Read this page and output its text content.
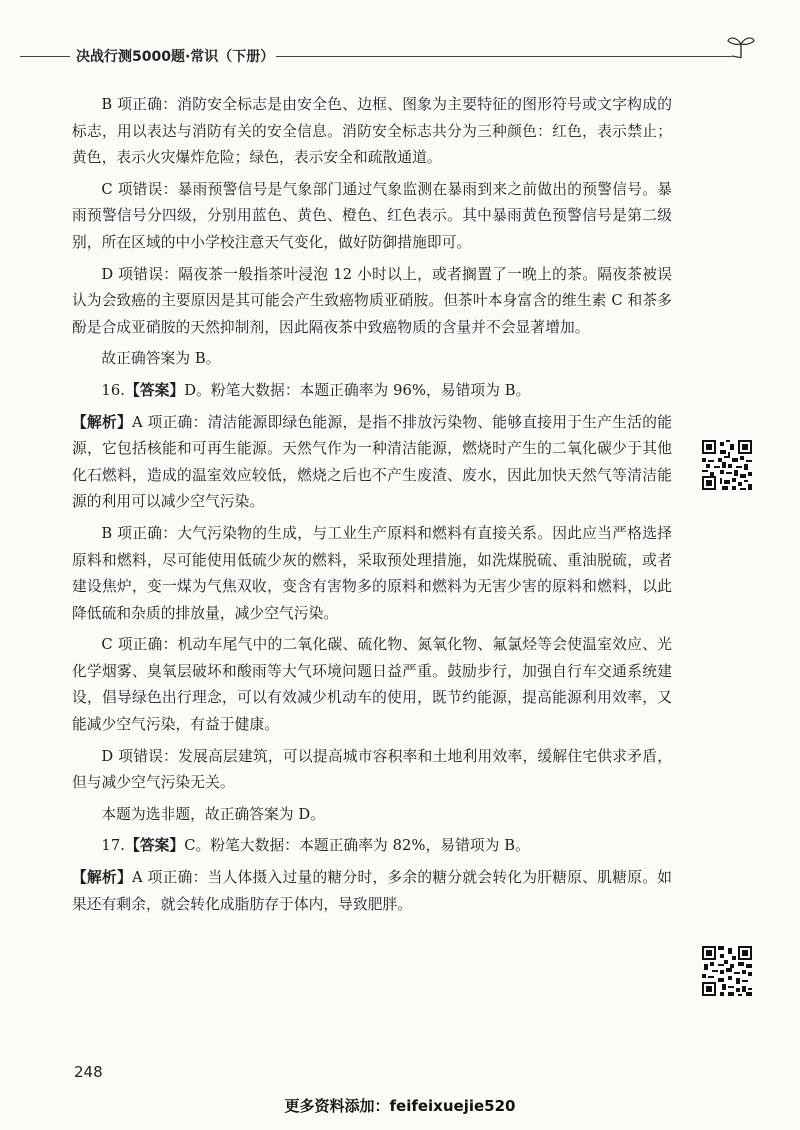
决战行测5000题·常识（下册）

B 项正确：消防安全标志是由安全色、边框、图象为主要特征的图形符号或文字构成的标志，用以表达与消防有关的安全信息。消防安全标志共分为三种颜色：红色，表示禁止；黄色，表示火灾爆炸危险；绿色，表示安全和疏散通道。

C 项错误：暴雨预警信号是气象部门通过气象监测在暴雨到来之前做出的预警信号。暴雨预警信号分四级，分别用蓝色、黄色、橙色、红色表示。其中暴雨黄色预警信号是第二级别，所在区域的中小学校注意天气变化，做好防御措施即可。

D 项错误：隔夜茶一般指茶叶浸泡 12 小时以上，或者搁置了一晚上的茶。隔夜茶被误认为会致癌的主要原因是其可能会产生致癌物质亚硝胺。但茶叶本身富含的维生素 C 和茶多酚是合成亚硝胺的天然抑制剂，因此隔夜茶中致癌物质的含量并不会显著增加。

故正确答案为 B。

16.【答案】D。粉笔大数据：本题正确率为 96%，易错项为 B。

【解析】A 项正确：清洁能源即绿色能源，是指不排放污染物、能够直接用于生产生活的能源，它包括核能和可再生能源。天然气作为一种清洁能源，燃烧时产生的二氧化碳少于其他化石燃料，造成的温室效应较低，燃烧之后也不产生废渣、废水，因此加快天然气等清洁能源的利用可以减少空气污染。

B 项正确：大气污染物的生成，与工业生产原料和燃料有直接关系。因此应当严格选择原料和燃料，尽可能使用低硫少灰的燃料，采取预处理措施，如洗煤脱硫、重油脱硫，或者建设焦炉，变一煤为气焦双收，变含有害物多的原料和燃料为无害少害的原料和燃料，以此降低硫和杂质的排放量，减少空气污染。

C 项正确：机动车尾气中的二氧化碳、硫化物、氮氧化物、氟氯烃等会使温室效应、光化学烟雾、臭氧层破坏和酸雨等大气环境问题日益严重。鼓励步行，加强自行车交通系统建设，倡导绿色出行理念，可以有效减少机动车的使用，既节约能源，提高能源利用效率，又能减少空气污染，有益于健康。

D 项错误：发展高层建筑，可以提高城市容积率和土地利用效率，缓解住宅供求矛盾，但与减少空气污染无关。

本题为选非题，故正确答案为 D。

17.【答案】C。粉笔大数据：本题正确率为 82%，易错项为 B。

【解析】A 项正确：当人体摄入过量的糖分时，多余的糖分就会转化为肝糖原、肌糖原。如果还有剩余，就会转化成脂肪存于体内，导致肥胖。

248
更多资料添加：feifeixuejie520
